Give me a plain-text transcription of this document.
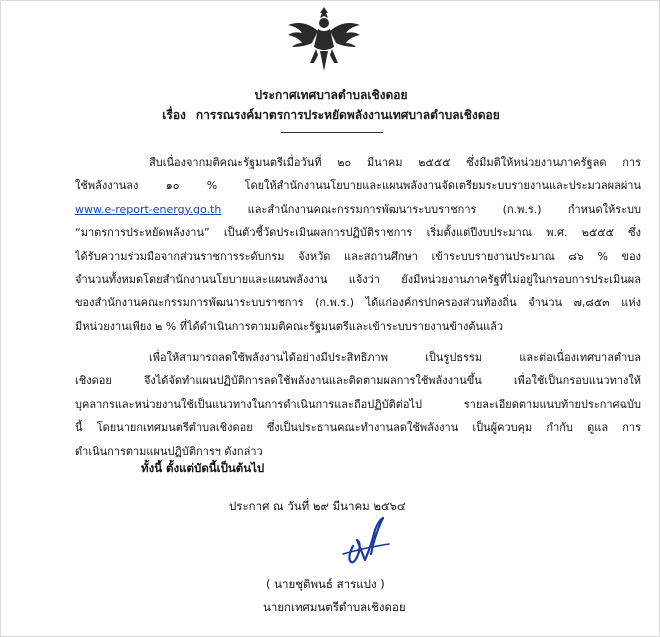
ประกาศเทศบาลตำบลเชิงดอย
เรื่อง การรณรงค์มาตรการประหยัดพลังงานเทศบาลตำบลเชิงดอย
สืบเนื่องจากมติคณะรัฐมนตรีเมื่อวันที่ ๒๐ มีนาคม ๒๕๕๕ ซึ่งมีมติให้หน่วยงานภาครัฐลด การ
ใช้พลังงานลง ๑๐ % โดยให้สำนักงานนโยบายและแผนพลังงานจัดเตรียมระบบรายงานและประมวลผลผ่าน
www.e-report-energy.go.th และสำนักงานคณะกรรมการพัฒนาระบบราชการ (ก.พ.ร.) กำหนดให้ระบบ
“มาตรการประหยัดพลังงาน” เป็นตัวชี้วัดประเมินผลการปฏิบัติราชการ เริ่มตั้งแต่ปีงบประมาณ พ.ศ. ๒๕๕๕ ซึ่ง
ได้รับความร่วมมือจากส่วนราชการระดับกรม จังหวัด และสถานศึกษา เข้าระบบรายงานประมาณ ๘๖ % ของ
จำนวนทั้งหมดโดยสำนักงานนโยบายและแผนพลังงาน แจ้งว่า ยังมีหน่วยงานภาครัฐที่ไม่อยู่ในกรอบการประเมินผล
ของสำนักงานคณะกรรมการพัฒนาระบบราชการ (ก.พ.ร.) ได้แก่องค์กรปกครองส่วนท้องถิ่น จำนวน ๗,๘๕๓ แห่ง
มีหน่วยงานเพียง ๒ % ที่ได้ดำเนินการตามมติคณะรัฐมนตรีและเข้าระบบรายงานข้างต้นแล้ว
เพื่อให้สามารถลดใช้พลังงานได้อย่างมีประสิทธิภาพ เป็นรูปธรรม และต่อเนื่องเทศบาลตำบล
เชิงดอย จึงได้จัดทำแผนปฏิบัติการลดใช้พลังงานและติดตามผลการใช้พลังงานขึ้น เพื่อใช้เป็นกรอบแนวทางให้
บุคลากรและหน่วยงานใช้เป็นแนวทางในการดำเนินการและถือปฏิบัติต่อไป รายละเอียดตามแนบท้ายประกาศฉบับ
นี้ โดยนายกเทศมนตรีตำบลเชิงดอย ซึ่งเป็นประธานคณะทำงานลดใช้พลังงาน เป็นผู้ควบคุม กำกับ ดูแล การ
ดำเนินการตามแผนปฏิบัติการฯ ดังกล่าว
ทั้งนี้ ตั้งแต่บัดนี้เป็นต้นไป
ประกาศ ณ วันที่ ๒๙ มีนาคม ๒๕๖๔
( นายชุติพนธ์ สารแปง )
นายกเทศมนตรีตำบลเชิงดอย
